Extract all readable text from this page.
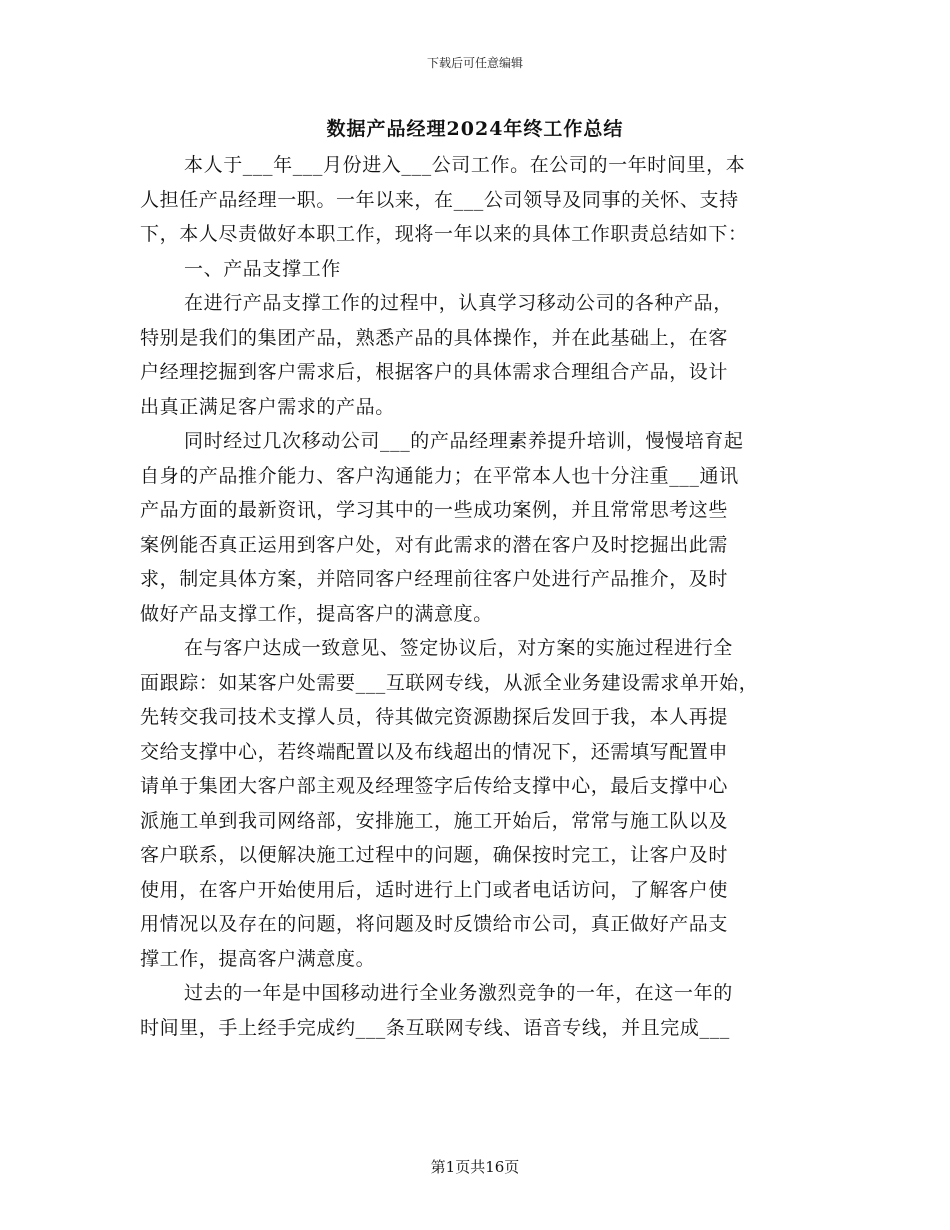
下载后可任意编辑
数据产品经理2024年终工作总结
本人于___年___月份进入___公司工作。在公司的一年时间里，本
人担任产品经理一职。一年以来，在___公司领导及同事的关怀、支持
下，本人尽责做好本职工作，现将一年以来的具体工作职责总结如下：
一、产品支撑工作
在进行产品支撑工作的过程中，认真学习移动公司的各种产品，
特别是我们的集团产品，熟悉产品的具体操作，并在此基础上，在客
户经理挖掘到客户需求后，根据客户的具体需求合理组合产品，设计
出真正满足客户需求的产品。
同时经过几次移动公司___的产品经理素养提升培训，慢慢培育起
自身的产品推介能力、客户沟通能力；在平常本人也十分注重___通讯
产品方面的最新资讯，学习其中的一些成功案例，并且常常思考这些
案例能否真正运用到客户处，对有此需求的潜在客户及时挖掘出此需
求，制定具体方案，并陪同客户经理前往客户处进行产品推介，及时
做好产品支撑工作，提高客户的满意度。
在与客户达成一致意见、签定协议后，对方案的实施过程进行全
面跟踪：如某客户处需要___互联网专线，从派全业务建设需求单开始，
先转交我司技术支撑人员，待其做完资源勘探后发回于我，本人再提
交给支撑中心，若终端配置以及布线超出的情况下，还需填写配置申
请单于集团大客户部主观及经理签字后传给支撑中心，最后支撑中心
派施工单到我司网络部，安排施工，施工开始后，常常与施工队以及
客户联系，以便解决施工过程中的问题，确保按时完工，让客户及时
使用，在客户开始使用后，适时进行上门或者电话访问，了解客户使
用情况以及存在的问题，将问题及时反馈给市公司，真正做好产品支
撑工作，提高客户满意度。
过去的一年是中国移动进行全业务激烈竞争的一年，在这一年的
时间里，手上经手完成约___条互联网专线、语音专线，并且完成___
第1页共16页
